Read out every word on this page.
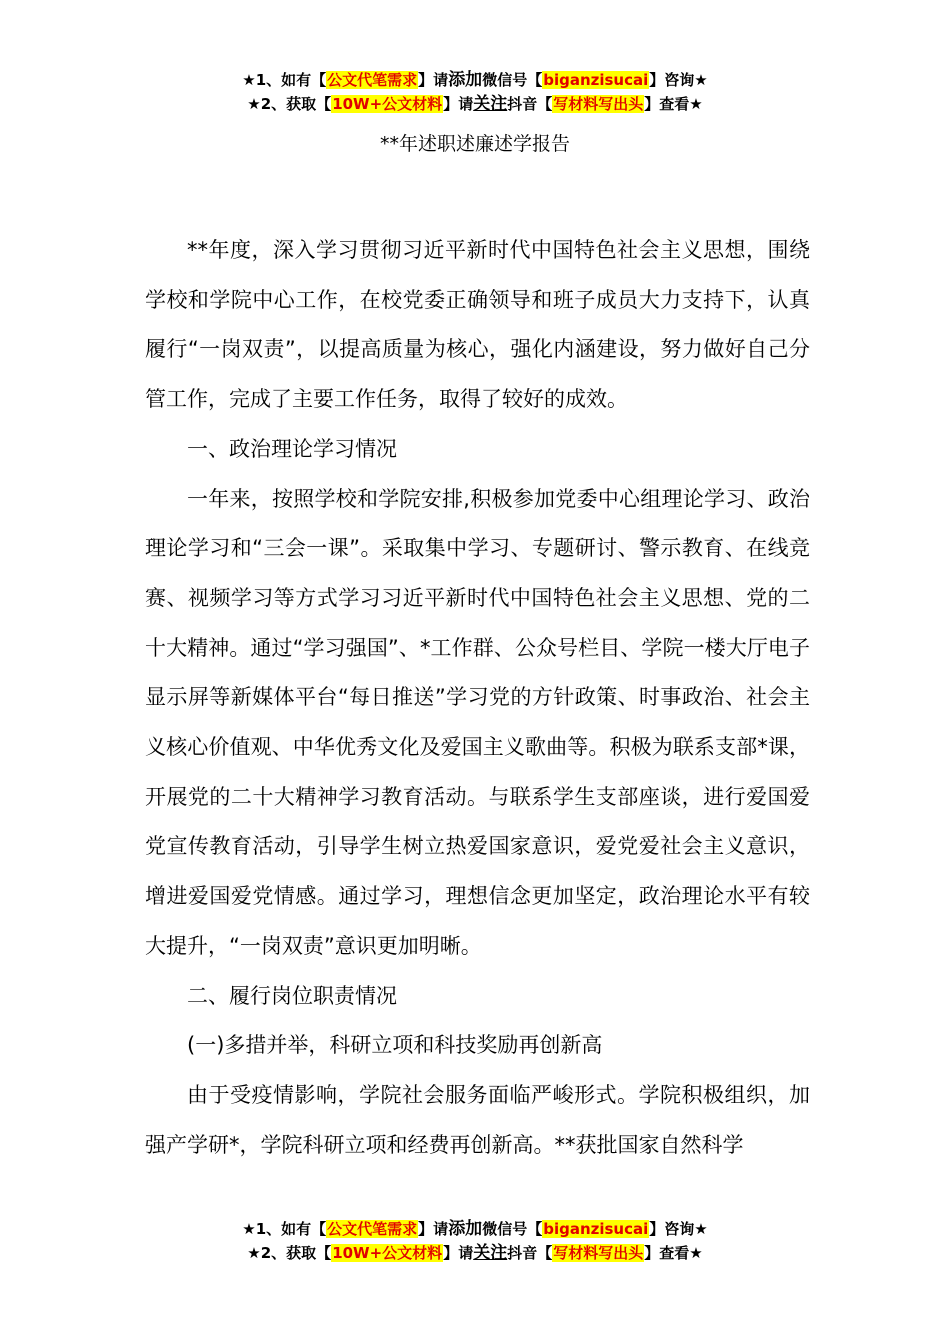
★1、如有【公文代笔需求】请添加微信号【biganzisucai】咨询★
★2、获取【10W+公文材料】请关注抖音【写材料写出头】查看★
**年述职述廉述学报告

**年度，深入学习贯彻习近平新时代中国特色社会主义思想，围绕学校和学院中心工作，在校党委正确领导和班子成员大力支持下，认真履行“一岗双责”，以提高质量为核心，强化内涵建设，努力做好自己分管工作，完成了主要工作任务，取得了较好的成效。

一、政治理论学习情况

一年来，按照学校和学院安排,积极参加党委中心组理论学习、政治理论学习和“三会一课”。采取集中学习、专题研讨、警示教育、在线竞赛、视频学习等方式学习习近平新时代中国特色社会主义思想、党的二十大精神。通过“学习强国”、*工作群、公众号栏目、学院一楼大厅电子显示屏等新媒体平台“每日推送”学习党的方针政策、时事政治、社会主义核心价值观、中华优秀文化及爱国主义歌曲等。积极为联系支部*课，开展党的二十大精神学习教育活动。与联系学生支部座谈，进行爱国爱党宣传教育活动，引导学生树立热爱国家意识，爱党爱社会主义意识，增进爱国爱党情感。通过学习，理想信念更加坚定，政治理论水平有较大提升，“一岗双责”意识更加明晰。

二、履行岗位职责情况

(一)多措并举，科研立项和科技奖励再创新高

由于受疫情影响，学院社会服务面临严峻形式。学院积极组织，加强产学研*，学院科研立项和经费再创新高。**获批国家自然科学

★1、如有【公文代笔需求】请添加微信号【biganzisucai】咨询★
★2、获取【10W+公文材料】请关注抖音【写材料写出头】查看★
